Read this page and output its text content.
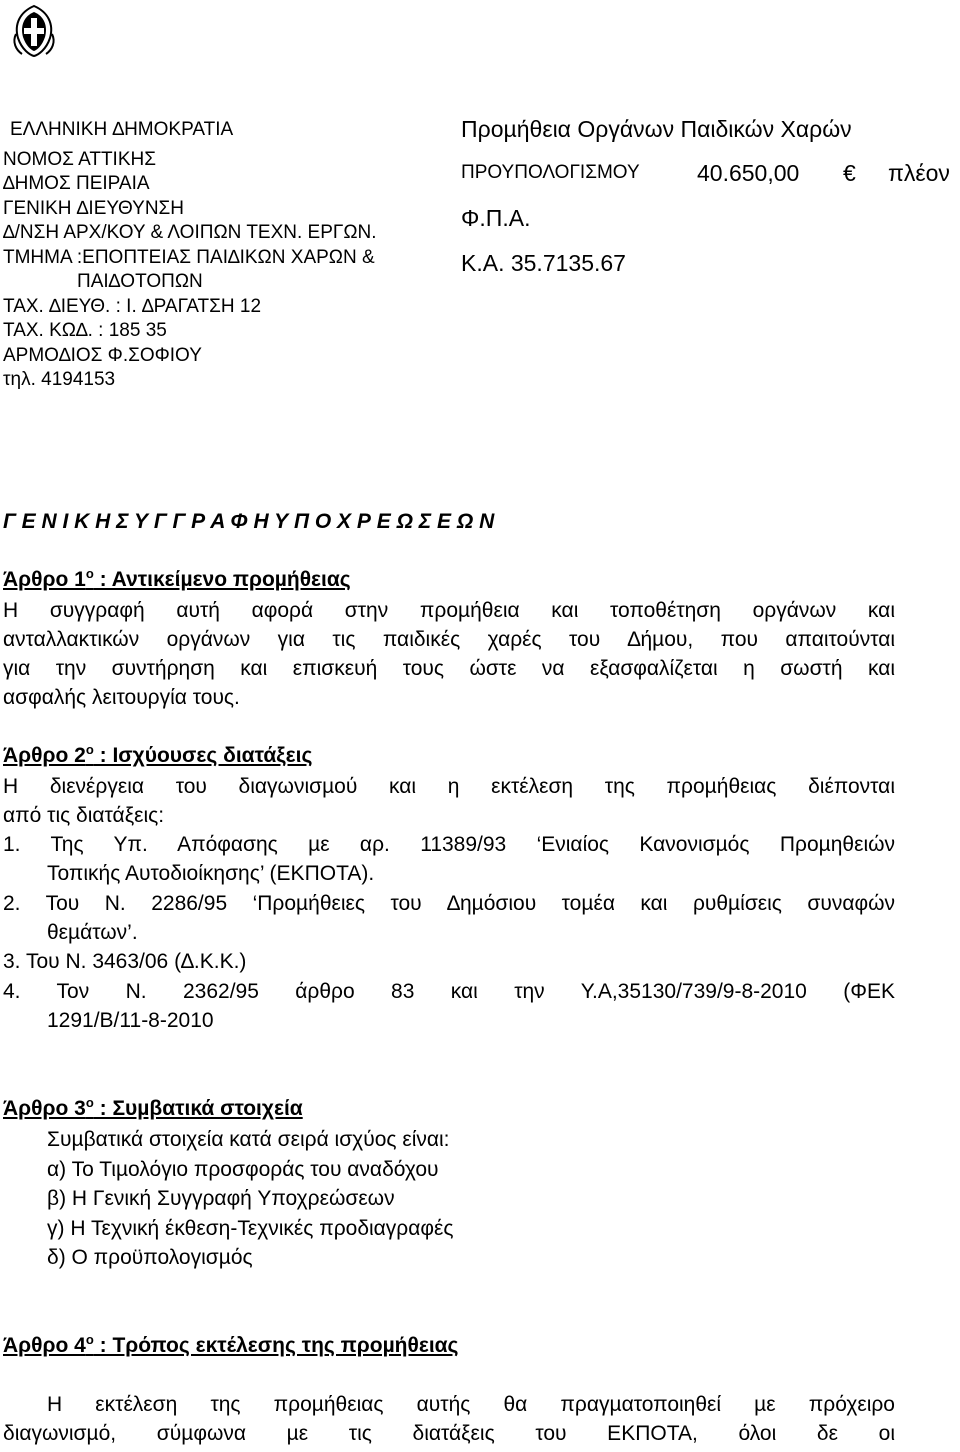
ΕΛΛΗΝΙΚΗ ∆ΗΜΟΚΡΑΤΙΑ
ΝΟΜΟΣ ΑΤΤΙΚΗΣ
∆ΗΜΟΣ ΠΕΙΡΑΙΑ
ΓΕΝΙΚΗ ∆ΙΕΥΘΥΝΣΗ
∆/ΝΣΗ ΑΡΧ/ΚΟΥ & ΛΟΙΠΩΝ ΤΕΧΝ. ΕΡΓΩΝ.
ΤΜΗΜΑ :ΕΠΟΠΤΕΙΑΣ ΠΑΙ∆ΙΚΩΝ ΧΑΡΩΝ &
ΠΑΙ∆ΟΤΟΠΩΝ
ΤΑΧ. ∆ΙΕΥΘ. : Ι. ∆ΡΑΓΑΤΣΗ 12
ΤΑΧ. ΚΩ∆. : 185 35
ΑΡΜΟ∆ΙΟΣ Φ.ΣΟΦΙΟΥ
τηλ. 4194153
Προµήθεια Οργάνων Παιδικών Χαρών
ΠΡΟΥΠΟΛΟΓΙΣΜΟΥ 40.650,00 € πλέον
Φ.Π.Α.
Κ.Α. 35.7135.67
Γ Ε Ν Ι Κ Η Σ Υ Γ Γ Ρ Α Φ Η Υ Π Ο Χ Ρ Ε Ω Σ Ε Ω Ν
Άρθρο $1^o$ : Αντικείµενο προµήθειας
Η συγγραφή αυτή αφορά στην προµήθεια και τοποθέτηση οργάνων και
ανταλλακτικών οργάνων για τις παιδικές χαρές του ∆ήµου, που απαιτούνται
για την συντήρηση και επισκευή τους ώστε να εξασφαλίζεται η σωστή και
ασφαλής λειτουργία τους.
Άρθρο $2^o$ : Ισχύουσες διατάξεις
Η διενέργεια του διαγωνισµού και η εκτέλεση της προµήθειας διέπονται
από τις διατάξεις:
1. Της Υπ. Απόφασης µε αρ. 11389/93 ‘Ενιαίος Κανονισµός Προµηθειών
Τοπικής Αυτοδιοίκησης’ (ΕΚΠΟΤΑ).
2. Του Ν. 2286/95 ‘Προµήθειες του ∆ηµόσιου τοµέα και ρυθµίσεις συναφών
θεµάτων’.
3. Του Ν. 3463/06 (∆.Κ.Κ.)
4. Τον Ν. 2362/95 άρθρο 83 και την Υ.Α,35130/739/9-8-2010 (ΦΕΚ
1291/Β/11-8-2010
Άρθρο $3^o$ : Συµβατικά στοιχεία
Συµβατικά στοιχεία κατά σειρά ισχύος είναι:
α) Το Τιµολόγιο προσφοράς του αναδόχου
β) Η Γενική Συγγραφή Υποχρεώσεων
γ) Η Τεχνική έκθεση-Τεχνικές προδιαγραφές
δ) Ο προϋπολογισµός
Άρθρο $4^o$ : Τρόπος εκτέλεσης της προµήθειας
Η εκτέλεση της προµήθειας αυτής θα πραγµατοποιηθεί µε πρόχειρο
διαγωνισµό, σύµφωνα µε τις διατάξεις του ΕΚΠΟΤΑ, όλοι δε οι
